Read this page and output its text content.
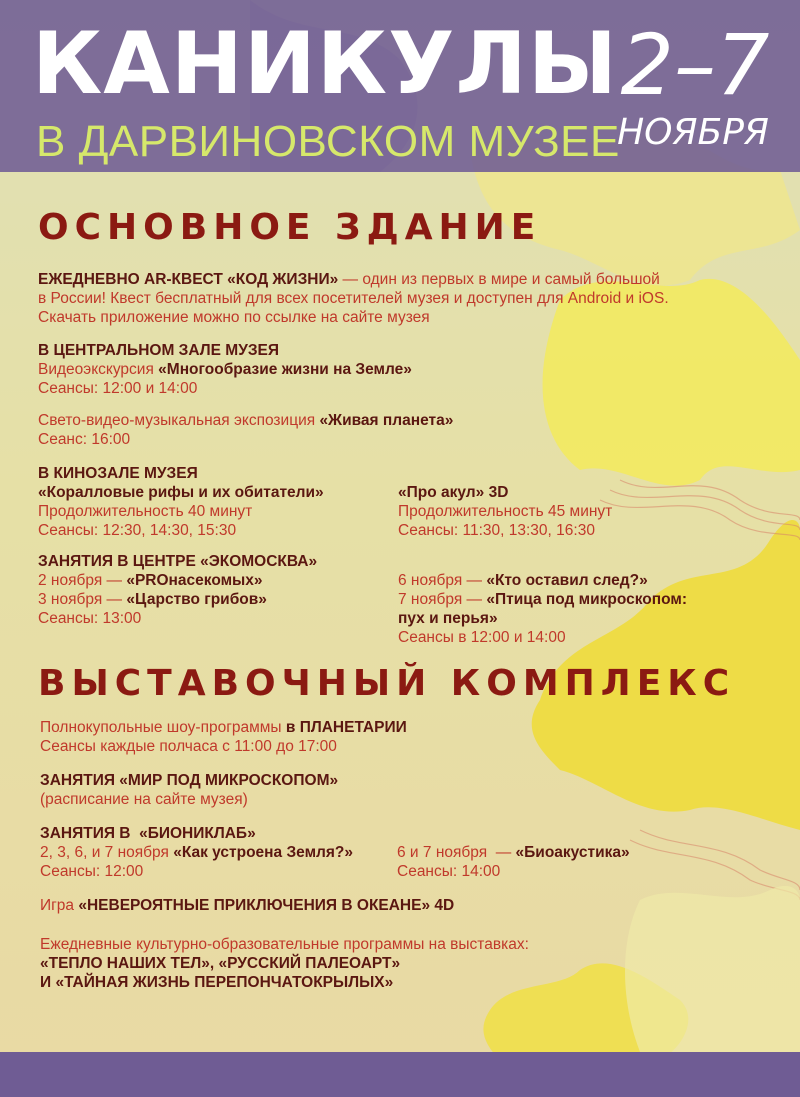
КАНИКУЛЫ
В ДАРВИНОВСКОМ МУЗЕЕ
2–7
НОЯБРЯ
ОСНОВНОЕ ЗДАНИЕ
ЕЖЕДНЕВНО AR-КВЕСТ «КОД ЖИЗНИ» — один из первых в мире и самый большой
в России! Квест бесплатный для всех посетителей музея и доступен для Android и iOS.
Скачать приложение можно по ссылке на сайте музея
В ЦЕНТРАЛЬНОМ ЗАЛЕ МУЗЕЯ
Видеоэкскурсия «Многообразие жизни на Земле»
Сеансы: 12:00 и 14:00
Свето-видео-музыкальная экспозиция «Живая планета»
Сеанс: 16:00
В КИНОЗАЛЕ МУЗЕЯ
«Коралловые рифы и их обитатели»
Продолжительность 40 минут
Сеансы: 12:30, 14:30, 15:30
«Про акул» 3D
Продолжительность 45 минут
Сеансы: 11:30, 13:30, 16:30
ЗАНЯТИЯ В ЦЕНТРЕ «ЭКОМОСКВА»
2 ноября — «PROнасекомых»
3 ноября — «Царство грибов»
Сеансы: 13:00
6 ноября — «Кто оставил след?»
7 ноября — «Птица под микроскопом:
пух и перья»
Сеансы в 12:00 и 14:00
ВЫСТАВОЧНЫЙ КОМПЛЕКС
Полнокупольные шоу-программы в ПЛАНЕТАРИИ
Сеансы каждые полчаса с 11:00 до 17:00
ЗАНЯТИЯ «МИР ПОД МИКРОСКОПОМ»
(расписание на сайте музея)
ЗАНЯТИЯ В  «БИОНИКЛАБ»
2, 3, 6, и 7 ноября «Как устроена Земля?»
Сеансы: 12:00
6 и 7 ноября  — «Биоакустика»
Сеансы: 14:00
Игра «НЕВЕРОЯТНЫЕ ПРИКЛЮЧЕНИЯ В ОКЕАНЕ» 4D
Ежедневные культурно-образовательные программы на выставках:
«ТЕПЛО НАШИХ ТЕЛ», «РУССКИЙ ПАЛЕОАРТ»
И «ТАЙНАЯ ЖИЗНЬ ПЕРЕПОНЧАТОКРЫЛЫХ»
